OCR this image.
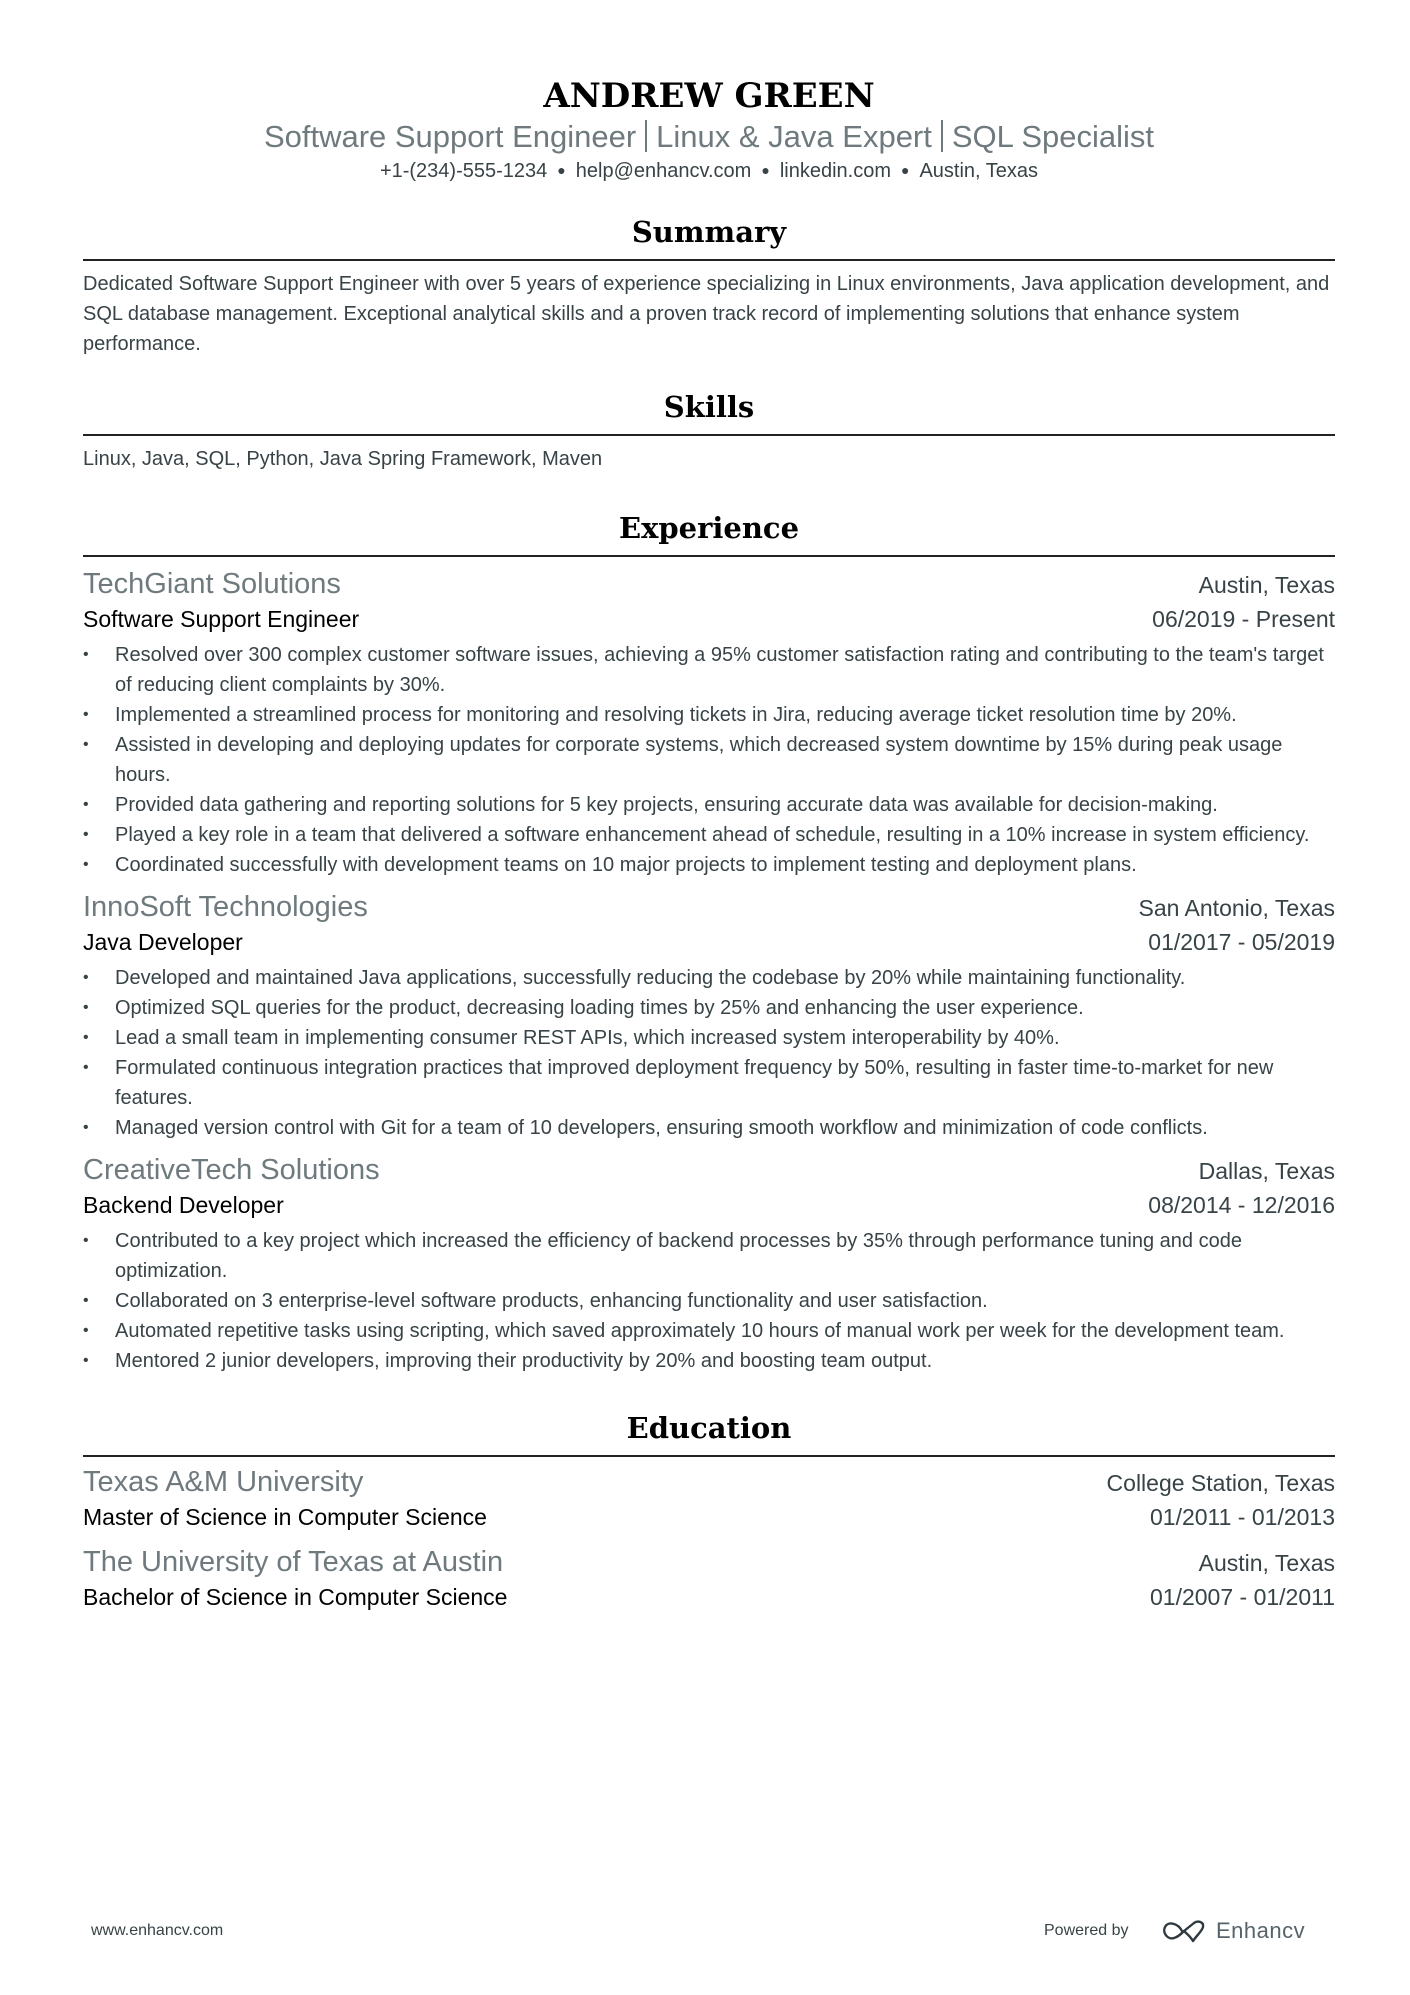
ANDREW GREEN
Software Support Engineer Linux & Java Expert SQL Specialist
+1-(234)-555-1234 ● help@enhancv.com ● linkedin.com ● Austin, Texas
Summary
Dedicated Software Support Engineer with over 5 years of experience specializing in Linux environments, Java application development, and SQL database management. Exceptional analytical skills and a proven track record of implementing solutions that enhance system performance.
Skills
Linux, Java, SQL, Python, Java Spring Framework, Maven
Experience
TechGiant Solutions	Austin, Texas
Software Support Engineer	06/2019 - Present
• Resolved over 300 complex customer software issues, achieving a 95% customer satisfaction rating and contributing to the team's target of reducing client complaints by 30%.
• Implemented a streamlined process for monitoring and resolving tickets in Jira, reducing average ticket resolution time by 20%.
• Assisted in developing and deploying updates for corporate systems, which decreased system downtime by 15% during peak usage hours.
• Provided data gathering and reporting solutions for 5 key projects, ensuring accurate data was available for decision-making.
• Played a key role in a team that delivered a software enhancement ahead of schedule, resulting in a 10% increase in system efficiency.
• Coordinated successfully with development teams on 10 major projects to implement testing and deployment plans.
InnoSoft Technologies	San Antonio, Texas
Java Developer	01/2017 - 05/2019
• Developed and maintained Java applications, successfully reducing the codebase by 20% while maintaining functionality.
• Optimized SQL queries for the product, decreasing loading times by 25% and enhancing the user experience.
• Lead a small team in implementing consumer REST APIs, which increased system interoperability by 40%.
• Formulated continuous integration practices that improved deployment frequency by 50%, resulting in faster time-to-market for new features.
• Managed version control with Git for a team of 10 developers, ensuring smooth workflow and minimization of code conflicts.
CreativeTech Solutions	Dallas, Texas
Backend Developer	08/2014 - 12/2016
• Contributed to a key project which increased the efficiency of backend processes by 35% through performance tuning and code optimization.
• Collaborated on 3 enterprise-level software products, enhancing functionality and user satisfaction.
• Automated repetitive tasks using scripting, which saved approximately 10 hours of manual work per week for the development team.
• Mentored 2 junior developers, improving their productivity by 20% and boosting team output.
Education
Texas A&M University	College Station, Texas
Master of Science in Computer Science	01/2011 - 01/2013
The University of Texas at Austin	Austin, Texas
Bachelor of Science in Computer Science	01/2007 - 01/2011
www.enhancv.com	Powered by	Enhancv
